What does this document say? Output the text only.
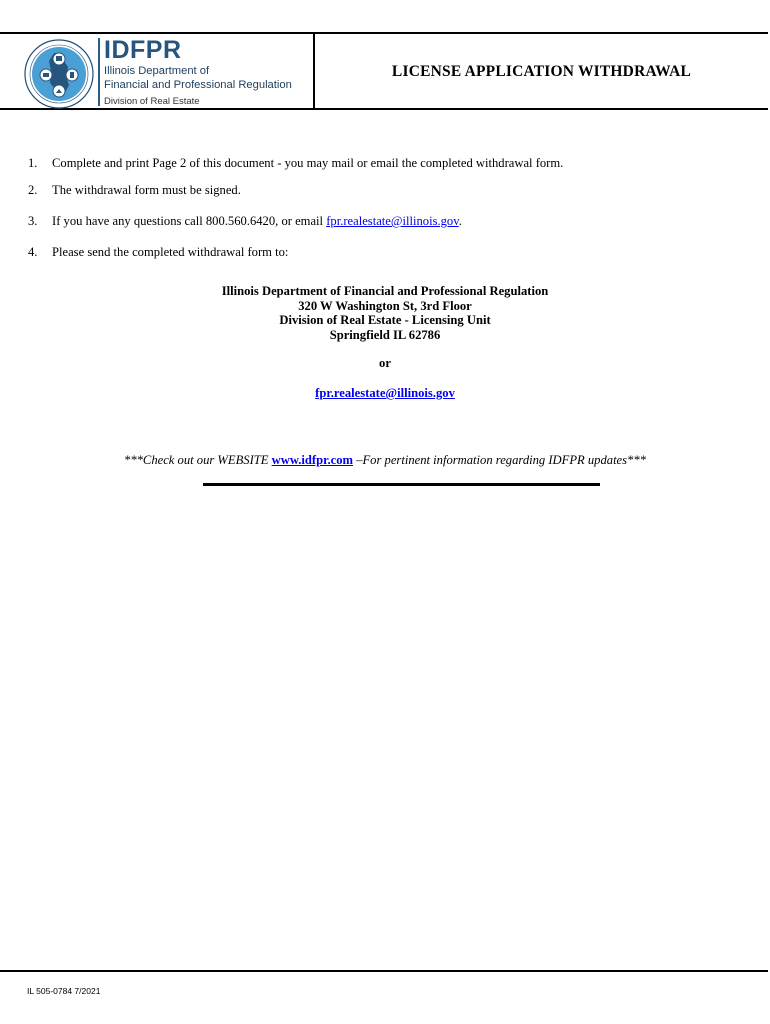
IDFPR
Illinois Department of
Financial and Professional Regulation
Division of Real Estate
LICENSE APPLICATION WITHDRAWAL
1. Complete and print Page 2 of this document - you may mail or email the completed withdrawal form.
2. The withdrawal form must be signed.
3. If you have any questions call 800.560.6420, or email fpr.realestate@illinois.gov.
4. Please send the completed withdrawal form to:
Illinois Department of Financial and Professional Regulation
320 W Washington St, 3rd Floor
Division of Real Estate - Licensing Unit
Springfield IL 62786
or
fpr.realestate@illinois.gov
***Check out our WEBSITE www.idfpr.com –For pertinent information regarding IDFPR updates***
IL 505-0784 7/2021
